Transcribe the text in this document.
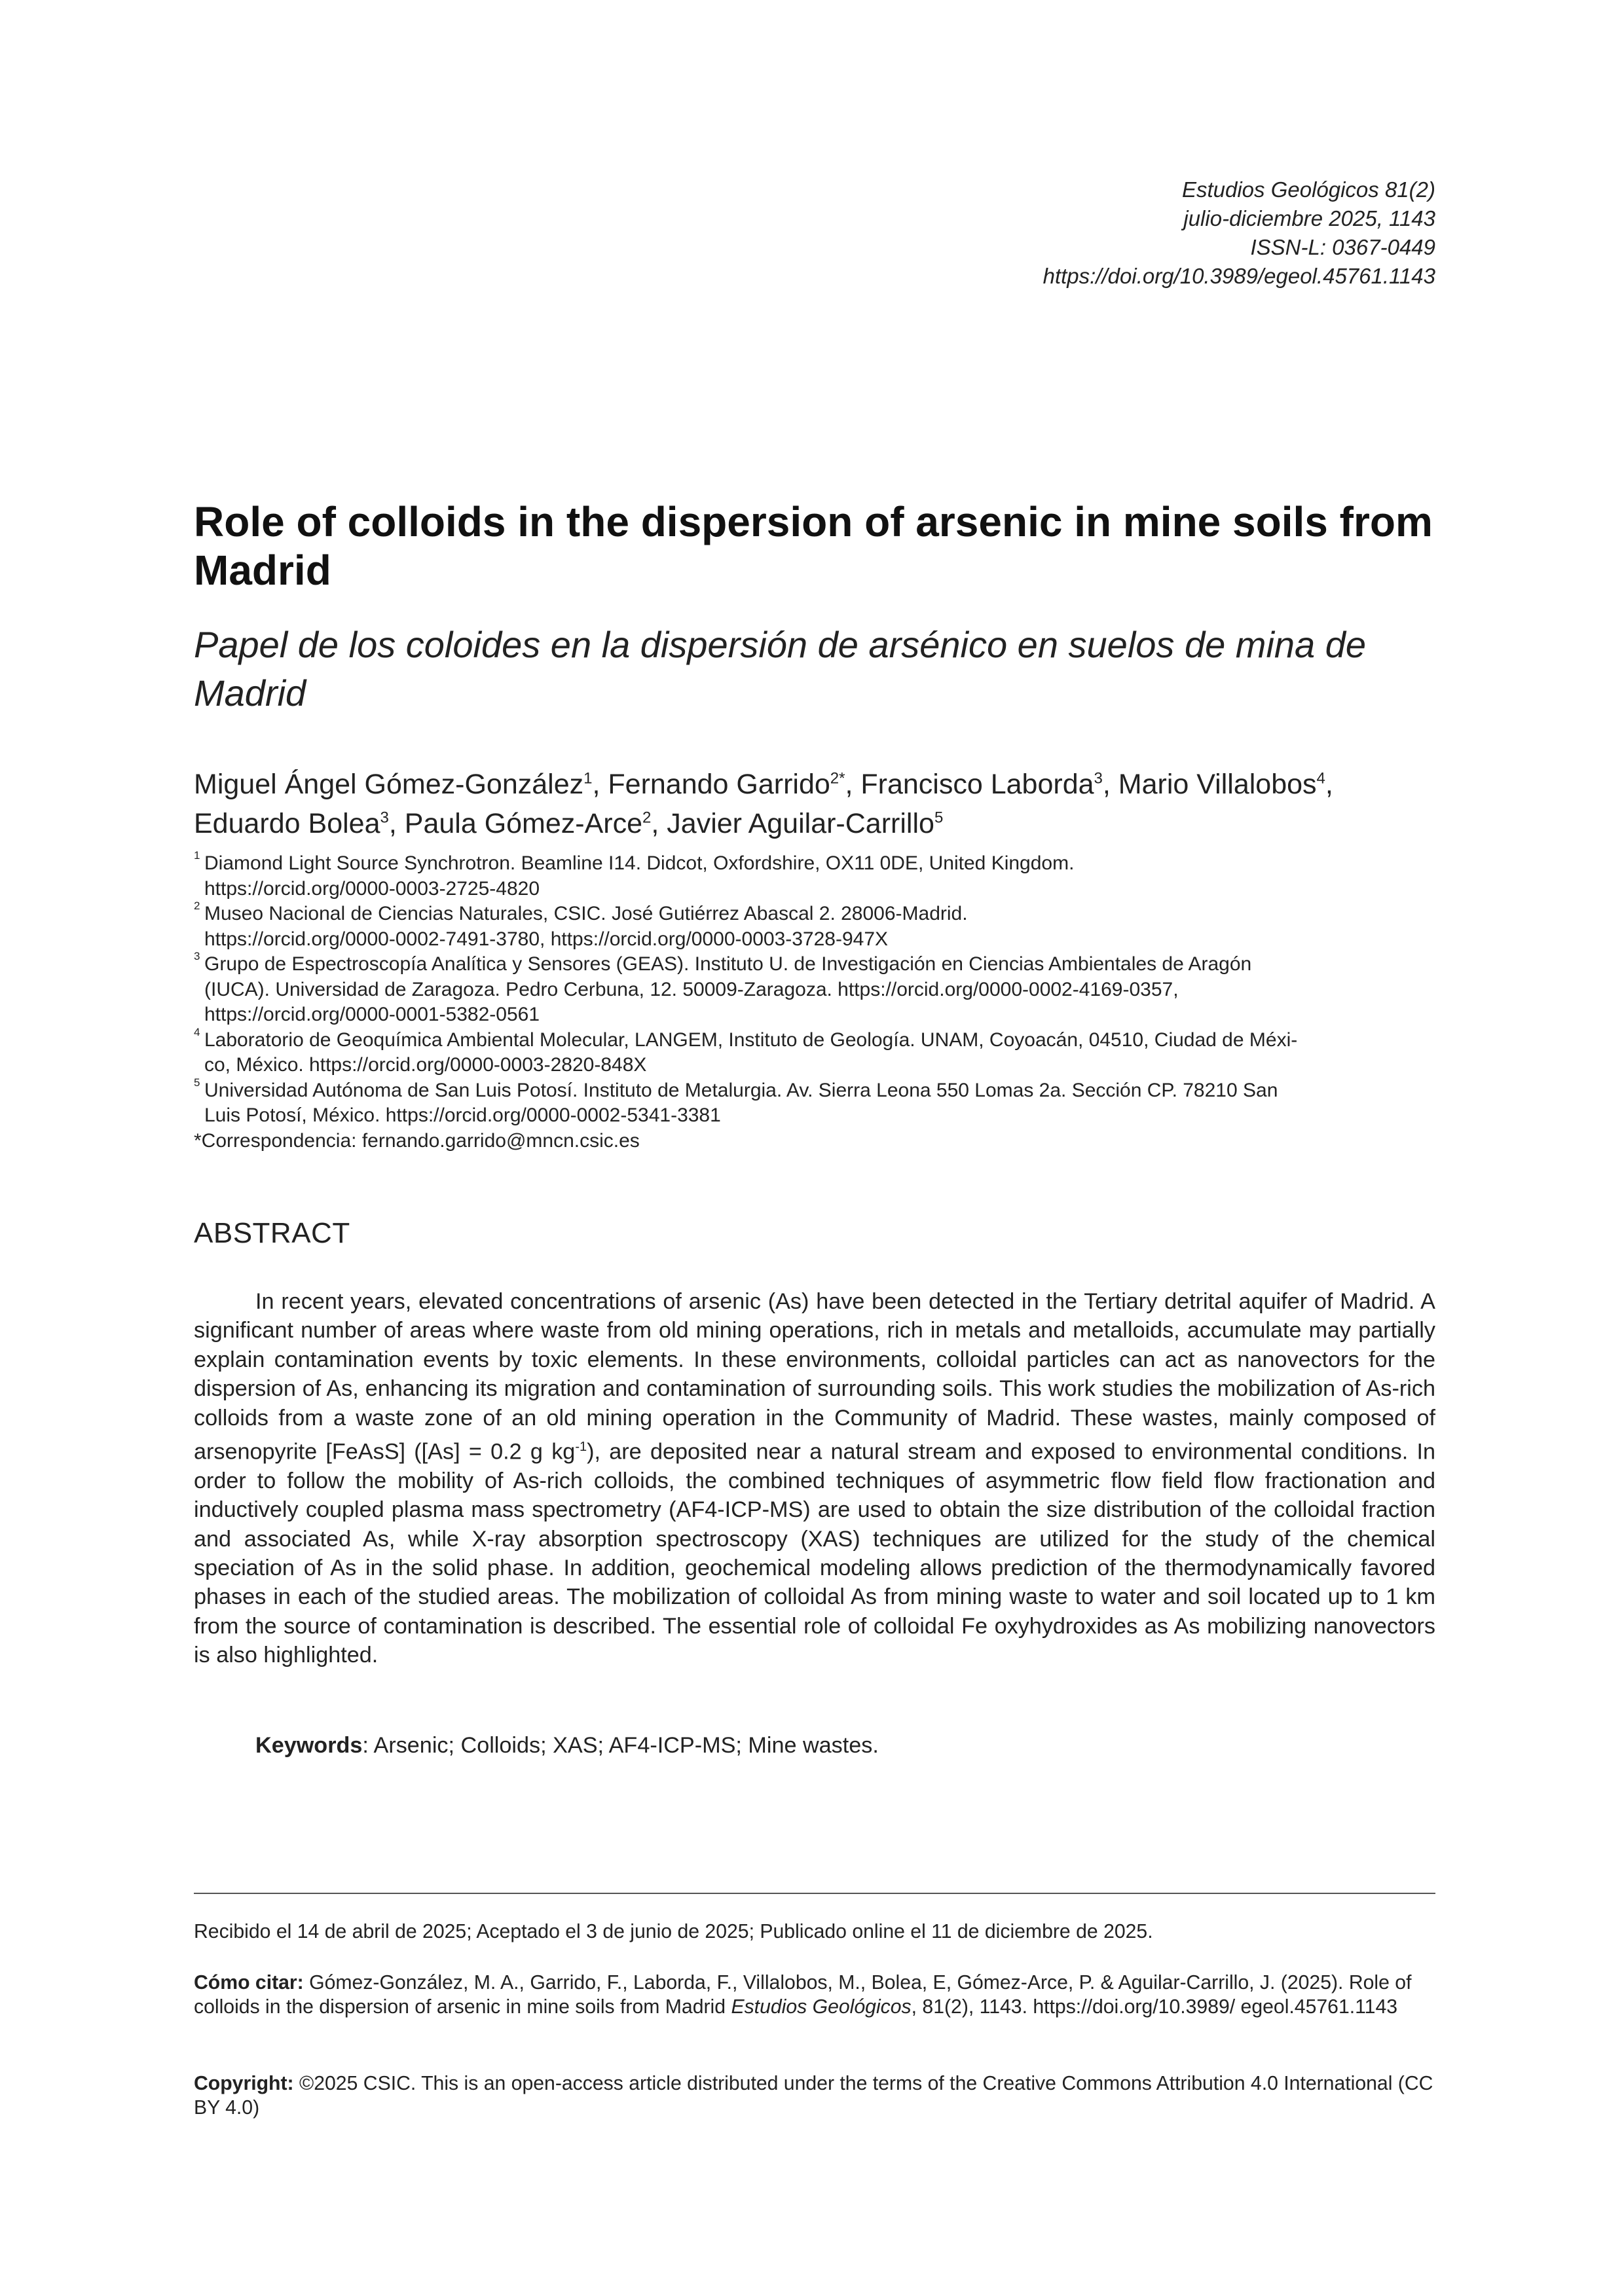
Estudios Geológicos 81(2)
julio-diciembre 2025, 1143
ISSN-L: 0367-0449
https://doi.org/10.3989/egeol.45761.1143
Role of colloids in the dispersion of arsenic in mine soils from Madrid
Papel de los coloides en la dispersión de arsénico en suelos de mina de Madrid
Miguel Ángel Gómez-González$^1$, Fernando Garrido$^{2*}$, Francisco Laborda$^3$, Mario Villalobos$^4$,
Eduardo Bolea$^3$, Paula Gómez-Arce$^2$, Javier Aguilar-Carrillo$^5$
1 Diamond Light Source Synchrotron. Beamline I14. Didcot, Oxfordshire, OX11 0DE, United Kingdom.
https://orcid.org/0000-0003-2725-4820
2 Museo Nacional de Ciencias Naturales, CSIC. José Gutiérrez Abascal 2. 28006-Madrid.
https://orcid.org/0000-0002-7491-3780, https://orcid.org/0000-0003-3728-947X
3 Grupo de Espectroscopía Analítica y Sensores (GEAS). Instituto U. de Investigación en Ciencias Ambientales de Aragón
(IUCA). Universidad de Zaragoza. Pedro Cerbuna, 12. 50009-Zaragoza. https://orcid.org/0000-0002-4169-0357,
https://orcid.org/0000-0001-5382-0561
4 Laboratorio de Geoquímica Ambiental Molecular, LANGEM, Instituto de Geología. UNAM, Coyoacán, 04510, Ciudad de Méxi-
co, México. https://orcid.org/0000-0003-2820-848X
5 Universidad Autónoma de San Luis Potosí. Instituto de Metalurgia. Av. Sierra Leona 550 Lomas 2a. Sección CP. 78210 San
Luis Potosí, México. https://orcid.org/0000-0002-5341-3381
*Correspondencia: fernando.garrido@mncn.csic.es
ABSTRACT

In recent years, elevated concentrations of arsenic (As) have been detected in the Tertiary detrital aquifer of Madrid. A significant number of areas where waste from old mining operations, rich in metals and metalloids, accumulate may partially explain contamination events by toxic elements. In these environments, colloidal particles can act as nanovectors for the dispersion of As, enhancing its migration and contamination of surrounding soils. This work studies the mobilization of As-rich colloids from a waste zone of an old mining operation in the Community of Madrid. These wastes, mainly composed of arsenopyrite [FeAsS] ([As] = 0.2 g $kg^{-1}$), are deposited near a natural stream and exposed to environmental conditions. In order to follow the mobility of As-rich colloids, the combined techniques of asymmetric flow field flow fractionation and inductively coupled plasma mass spectrometry (AF4-ICP-MS) are used to obtain the size distribution of the colloidal fraction and associated As, while X-ray absorption spectroscopy (XAS) techniques are utilized for the study of the chemical speciation of As in the solid phase. In addition, geochemical modeling allows prediction of the thermodynamically favored phases in each of the studied areas. The mobilization of colloidal As from mining waste to water and soil located up to 1 km from the source of contamination is described. The essential role of colloidal Fe oxyhydroxides as As mobilizing nanovectors is also highlighted.

Keywords: Arsenic; Colloids; XAS; AF4-ICP-MS; Mine wastes.

Recibido el 14 de abril de 2025; Aceptado el 3 de junio de 2025; Publicado online el 11 de diciembre de 2025.

Cómo citar: Gómez-González, M. A., Garrido, F., Laborda, F., Villalobos, M., Bolea, E, Gómez-Arce, P. & Aguilar-Carrillo, J. (2025). Role of colloids in the dispersion of arsenic in mine soils from Madrid Estudios Geológicos, 81(2), 1143. https://doi.org/10.3989/ egeol.45761.1143

Copyright: ©2025 CSIC. This is an open-access article distributed under the terms of the Creative Commons Attribution 4.0 International (CC BY 4.0)
